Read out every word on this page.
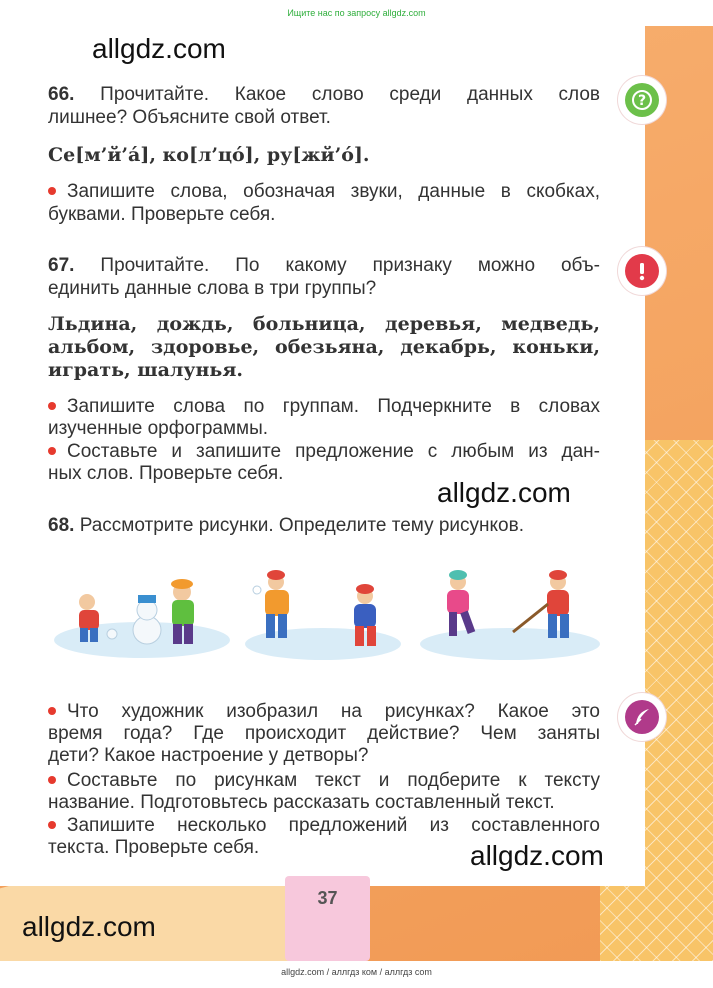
Ищите нас по запросу allgdz.com
allgdz.com
allgdz.com
allgdz.com
allgdz.com
66. Прочитайте. Какое слово среди данных слов
лишнее? Объясните свой ответ.
Се[м’й’á], ко[л’цó], ру[жй’ó].
Запишите слова, обозначая звуки, данные в скобках,
буквами. Проверьте себя.
?
67. Прочитайте. По какому признаку можно объ-
единить данные слова в три группы?
Льдина, дождь, больница, деревья, медведь,
альбом, здоровье, обезьяна, декабрь, коньки,
играть, шалунья.
Запишите слова по группам. Подчеркните в словах
изученные орфограммы.
Составьте и запишите предложение с любым из дан-
ных слов. Проверьте себя.
68. Рассмотрите рисунки. Определите тему рисунков.
Что художник изобразил на рисунках? Какое это
время года? Где происходит действие? Чем заняты
дети? Какое настроение у детворы?
Составьте по рисункам текст и подберите к тексту
название. Подготовьтесь рассказать составленный текст.
Запишите несколько предложений из составленного
текста. Проверьте себя.
37
allgdz.com / аллгдз ком / аллгдз com
